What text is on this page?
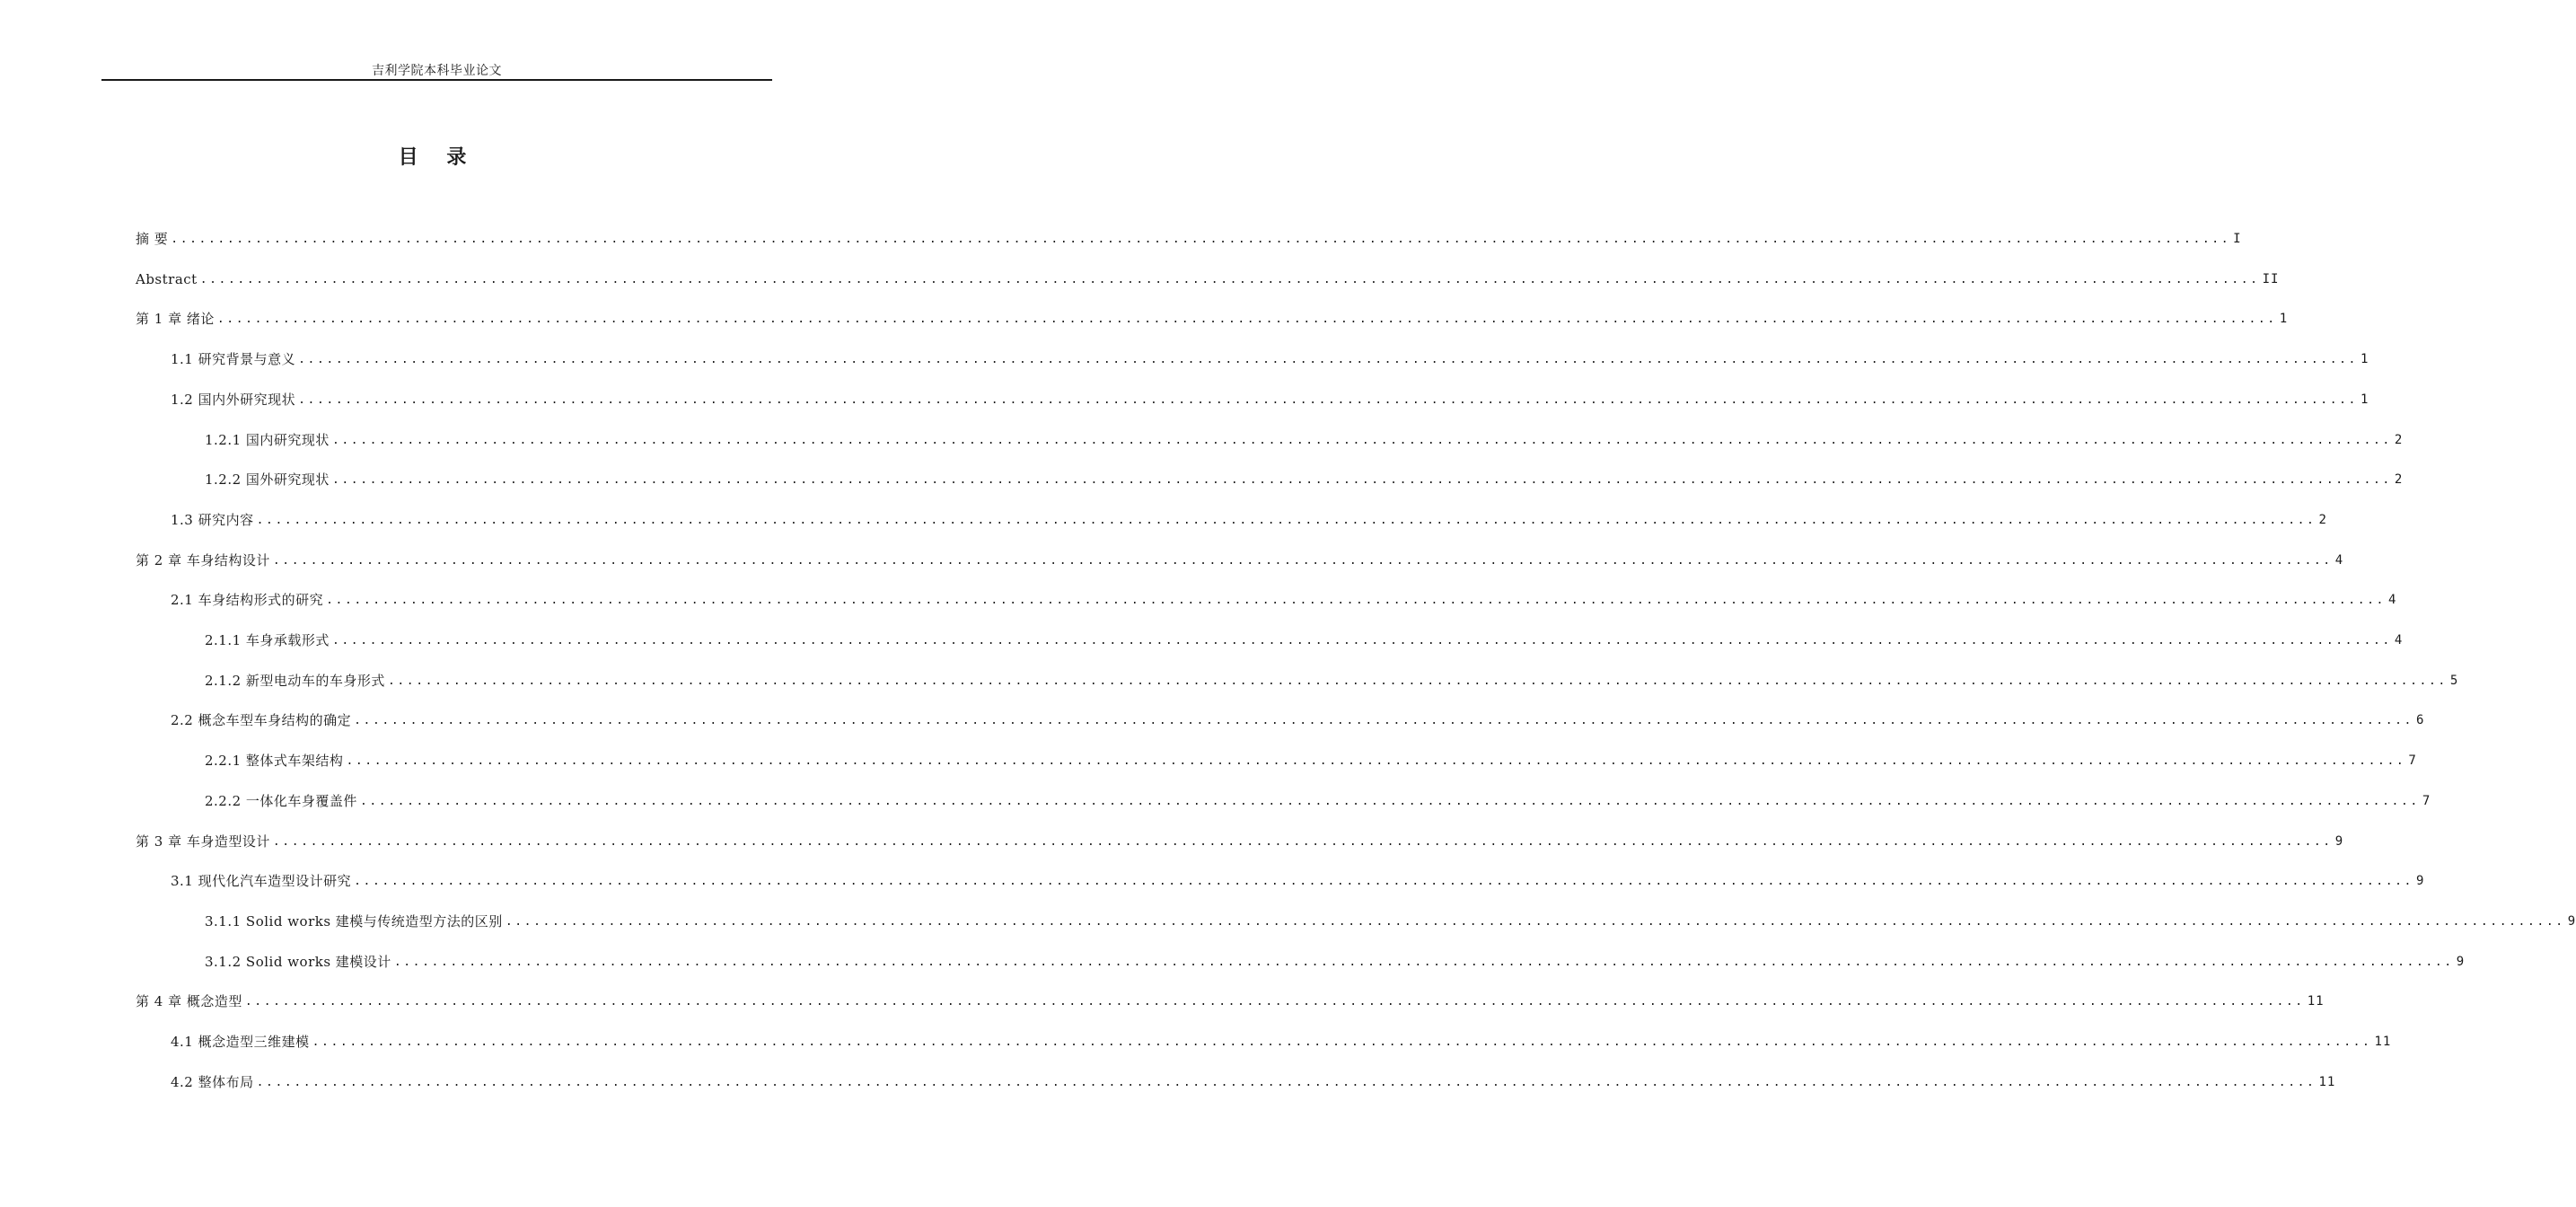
吉利学院本科毕业论文
目 录
摘 要 ............................................................................................................................................................................................................................ I
Abstract ............................................................................................................................................................................................................................ II
第 1 章 绪论 ............................................................................................................................................................................................................................ 1
1.1 研究背景与意义 ............................................................................................................................................................................................................................ 1
1.2 国内外研究现状 ............................................................................................................................................................................................................................ 1
1.2.1 国内研究现状 ............................................................................................................................................................................................................................ 2
1.2.2 国外研究现状 ............................................................................................................................................................................................................................ 2
1.3 研究内容 ............................................................................................................................................................................................................................ 2
第 2 章 车身结构设计 ............................................................................................................................................................................................................................ 4
2.1 车身结构形式的研究 ............................................................................................................................................................................................................................ 4
2.1.1 车身承载形式 ............................................................................................................................................................................................................................ 4
2.1.2 新型电动车的车身形式 ............................................................................................................................................................................................................................ 5
2.2 概念车型车身结构的确定 ............................................................................................................................................................................................................................ 6
2.2.1 整体式车架结构 ............................................................................................................................................................................................................................ 7
2.2.2 一体化车身覆盖件 ............................................................................................................................................................................................................................ 7
第 3 章 车身造型设计 ............................................................................................................................................................................................................................ 9
3.1 现代化汽车造型设计研究 ............................................................................................................................................................................................................................ 9
3.1.1 Solid works 建模与传统造型方法的区别 ............................................................................................................................................................................................................................ 9
3.1.2 Solid works 建模设计 ............................................................................................................................................................................................................................ 9
第 4 章 概念造型 ............................................................................................................................................................................................................................ 11
4.1 概念造型三维建模 ............................................................................................................................................................................................................................ 11
4.2 整体布局 ............................................................................................................................................................................................................................ 11
